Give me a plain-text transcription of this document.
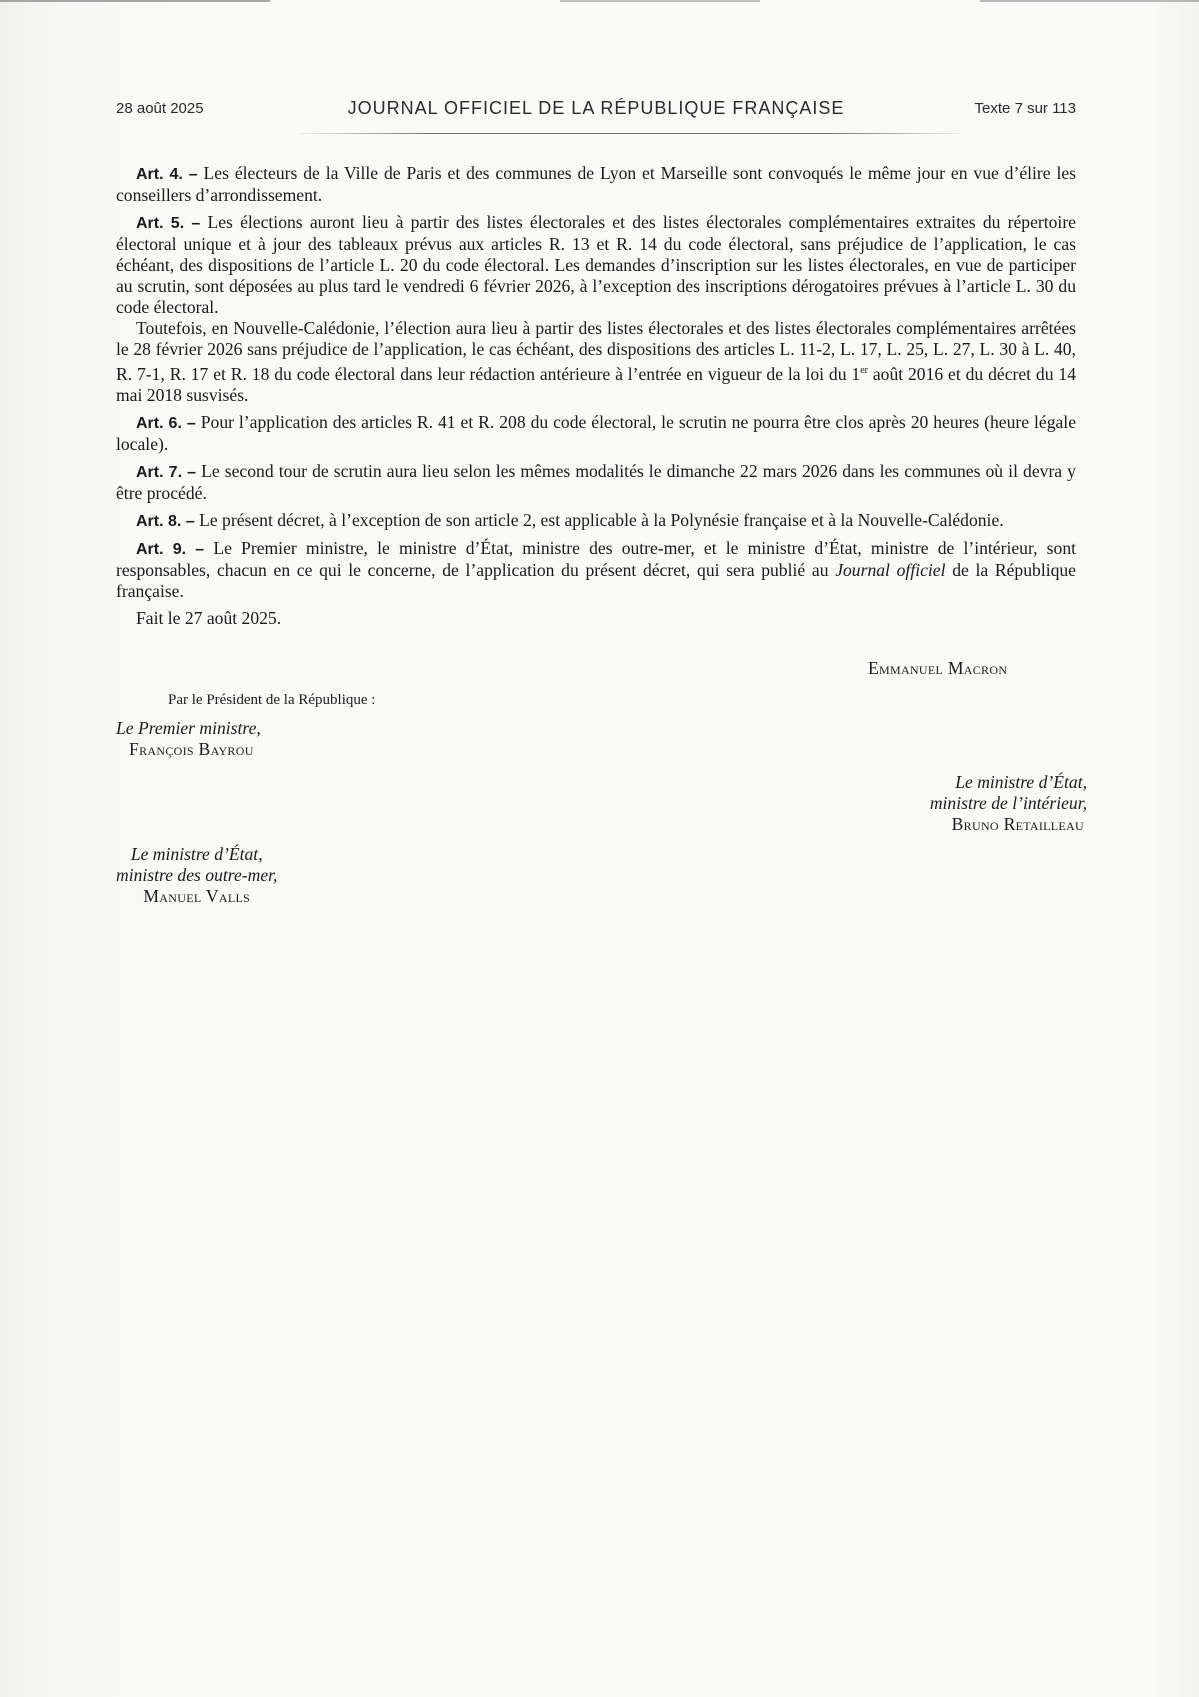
28 août 2025	JOURNAL OFFICIEL DE LA RÉPUBLIQUE FRANÇAISE	Texte 7 sur 113

Art. 4. – Les électeurs de la Ville de Paris et des communes de Lyon et Marseille sont convoqués le même jour en vue d’élire les conseillers d’arrondissement.

Art. 5. – Les élections auront lieu à partir des listes électorales et des listes électorales complémentaires extraites du répertoire électoral unique et à jour des tableaux prévus aux articles R. 13 et R. 14 du code électoral, sans préjudice de l’application, le cas échéant, des dispositions de l’article L. 20 du code électoral. Les demandes d’inscription sur les listes électorales, en vue de participer au scrutin, sont déposées au plus tard le vendredi 6 février 2026, à l’exception des inscriptions dérogatoires prévues à l’article L. 30 du code électoral.

Toutefois, en Nouvelle-Calédonie, l’élection aura lieu à partir des listes électorales et des listes électorales complémentaires arrêtées le 28 février 2026 sans préjudice de l’application, le cas échéant, des dispositions des articles L. 11-2, L. 17, L. 25, L. 27, L. 30 à L. 40, R. 7-1, R. 17 et R. 18 du code électoral dans leur rédaction antérieure à l’entrée en vigueur de la loi du 1er août 2016 et du décret du 14 mai 2018 susvisés.

Art. 6. – Pour l’application des articles R. 41 et R. 208 du code électoral, le scrutin ne pourra être clos après 20 heures (heure légale locale).

Art. 7. – Le second tour de scrutin aura lieu selon les mêmes modalités le dimanche 22 mars 2026 dans les communes où il devra y être procédé.

Art. 8. – Le présent décret, à l’exception de son article 2, est applicable à la Polynésie française et à la Nouvelle-Calédonie.

Art. 9. – Le Premier ministre, le ministre d’État, ministre des outre-mer, et le ministre d’État, ministre de l’intérieur, sont responsables, chacun en ce qui le concerne, de l’application du présent décret, qui sera publié au Journal officiel de la République française.

Fait le 27 août 2025.

Emmanuel Macron
Par le Président de la République :
Le Premier ministre,
François Bayrou
Le ministre d’État,
ministre de l’intérieur,
Bruno Retailleau
Le ministre d’État,
ministre des outre-mer,
Manuel Valls
